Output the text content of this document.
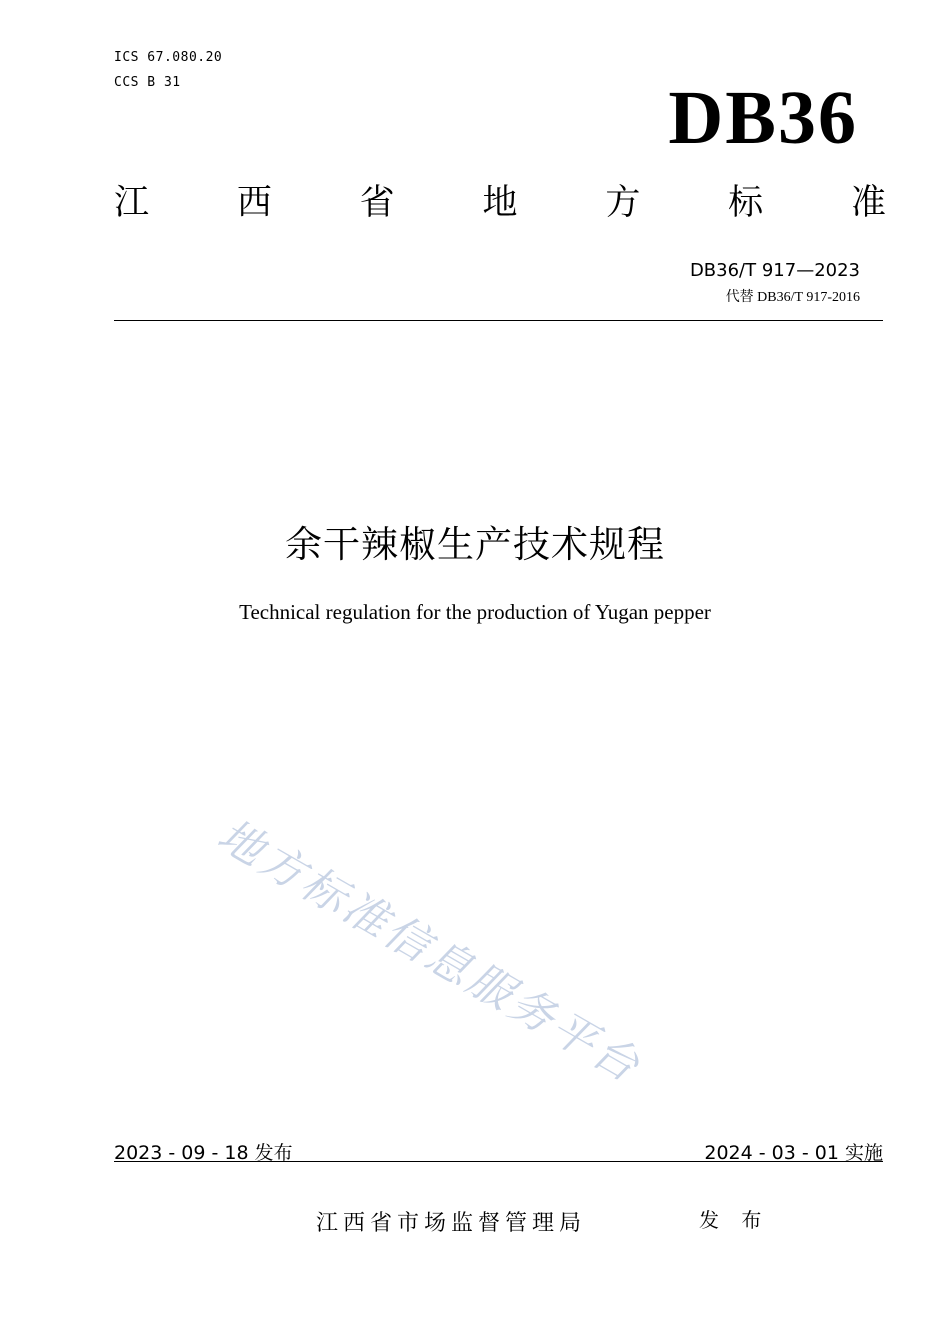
ICS 67.080.20
CCS B 31	DB36
江	西	省	地	方	标	准
DB36/T 917—2023
代替 DB36/T 917-2016
余干辣椒生产技术规程
Technical regulation for the production of Yugan pepper
地方标准信息服务平台
2023 - 09 - 18 发布	2024 - 03 - 01 实施
江西省市场监督管理局	发 布
